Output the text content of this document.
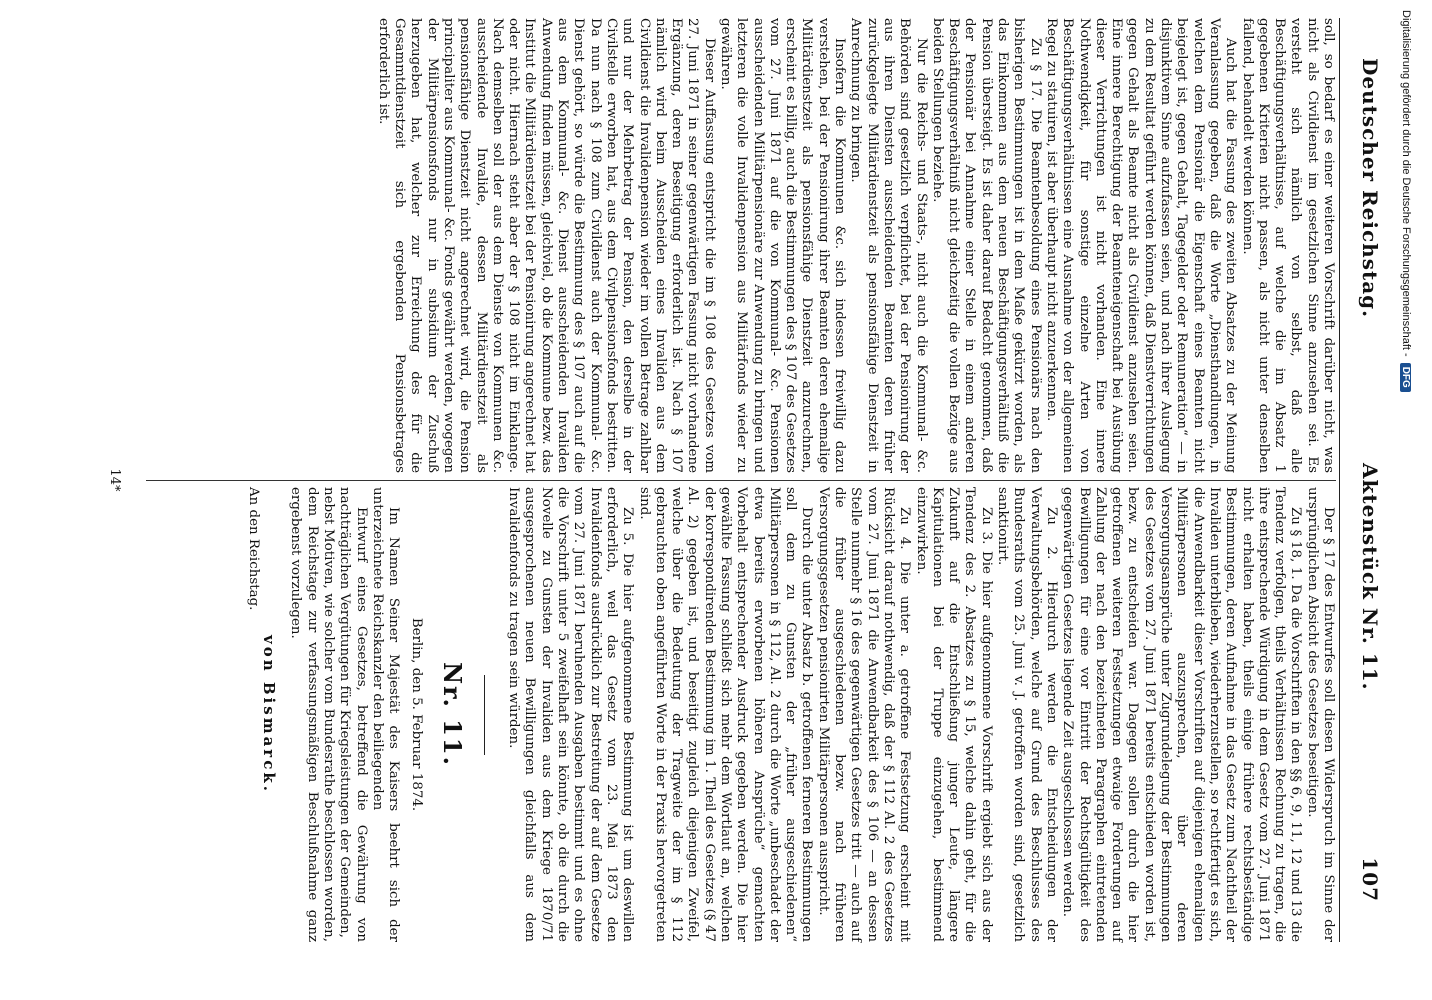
Deutscher Reichstag.
Aktenstück Nr. 11.
107

soll, so bedarf es einer weiteren Vorschrift darüber nicht, was nicht als Civildienst im gesetzlichen Sinne anzusehen sei. Es versteht sich nämlich von selbst, daß alle Beschäftigungsverhältnisse, auf welche die im Absatz 1 gegebenen Kriterien nicht passen, als nicht unter denselben fallend, behandelt werden können.

Auch hat die Fassung des zweiten Absatzes zu der Meinung Veranlassung gegeben, daß die Worte „Diensthandlungen, in welchen dem Pensionär die Eigenschaft eines Beamten nicht beigelegt ist, gegen Gehalt, Tagegelder oder Remuneration“ — in disjunktivem Sinne aufzufassen seien, und nach ihrer Auslegung zu dem Resultat geführt werden können, daß Dienstverrichtungen gegen Gehalt als Beamte nicht als Civildienst anzusehen seien. Eine innere Berechtigung der Beamteneigenschaft bei Ausübung dieser Verrichtungen ist nicht vorhanden. Eine innere Nothwendigkeit, für sonstige einzelne Arten von Beschäftigungsverhältnissen eine Ausnahme von der allgemeinen Regel zu statuiren, ist aber überhaupt nicht anzuerkennen.

Zu § 17. Die Beamtenbesoldung eines Pensionärs nach den bisherigen Bestimmungen ist in dem Maße gekürzt worden, als das Einkommen aus dem neuen Beschäftigungsverhältniß die Pension übersteigt. Es ist daher darauf Bedacht genommen, daß der Pensionär bei Annahme einer Stelle in einem anderen Beschäftigungsverhältniß nicht gleichzeitig die vollen Bezüge aus beiden Stellungen beziehe.

Nur die Reichs- und Staats-, nicht auch die Kommunal- &c. Behörden sind gesetzlich verpflichtet, bei der Pensionirung der aus ihren Diensten ausscheidenden Beamten deren früher zurückgelegte Militärdienstzeit als pensionsfähige Dienstzeit in Anrechnung zu bringen.

Insofern die Kommunen &c. sich indessen freiwillig dazu verstehen, bei der Pensionirung ihrer Beamten deren ehemalige Militärdienstzeit als pensionsfähige Dienstzeit anzurechnen, erscheint es billig, auch die Bestimmungen des § 107 des Gesetzes vom 27. Juni 1871 auf die von Kommunal- &c. Pensionen ausscheidenden Militärpensionäre zur Anwendung zu bringen und letzteren die volle Invalidenpension aus Militärfonds wieder zu gewähren.

Dieser Auffassung entspricht die im § 108 des Gesetzes vom 27. Juni 1871 in seiner gegenwärtigen Fassung nicht vorhandene Ergänzung, deren Beseitigung erforderlich ist. Nach § 107 nämlich wird beim Ausscheiden eines Invaliden aus dem Civildienst die Invalidenpension wieder im vollen Betrage zahlbar und nur der Mehrbetrag der Pension, den derselbe in der Civilstelle erworben hat, aus dem Civilpensionsfonds bestritten. Da nun nach § 108 zum Civildienst auch der Kommunal- &c. Dienst gehört, so würde die Bestimmung des § 107 auch auf die aus dem Kommunal- &c. Dienst ausscheidenden Invaliden Anwendung finden müssen, gleichviel, ob die Kommune bezw. das Institut die Militärdienstzeit bei der Pensionirung angerechnet hat oder nicht. Hiernach steht aber der § 108 nicht im Einklange. Nach demselben soll der aus dem Dienste von Kommunen &c. ausscheidende Invalide, dessen Militärdienstzeit als pensionsfähige Dienstzeit nicht angerechnet wird, die Pension principaliter aus Kommunal- &c. Fonds gewährt werden, wogegen der Militärpensionsfonds nur in subsidium der Zuschuß herzugeben hat, welcher zur Erreichung des für die Gesammtdienstzeit sich ergebenden Pensionsbetrages erforderlich ist.

Der § 17 des Entwurfes soll diesen Widerspruch im Sinne der ursprünglichen Absicht des Gesetzes beseitigen.

Zu § 18, 1. Da die Vorschriften in den §§ 6, 9, 11, 12 und 13 die Tendenz verfolgen, theils Verhältnissen Rechnung zu tragen, die ihre entsprechende Würdigung in dem Gesetz vom 27. Juni 1871 nicht erhalten haben, theils einige frühere rechtsbeständige Bestimmungen, deren Aufnahme in das Gesetz zum Nachtheil der Invaliden unterblieben, wiederherzustellen, so rechtfertigt es sich, die Anwendbarkeit dieser Vorschriften auf diejenigen ehemaligen Militärpersonen auszusprechen, über deren Versorgungsansprüche unter Zugrundelegung der Bestimmungen des Gesetzes vom 27. Juni 1871 bereits entschieden worden ist, bezw. zu entscheiden war. Dagegen sollen durch die hier getroffenen weiteren Festsetzungen etwaige Forderungen auf Zahlung der nach den bezeichneten Paragraphen eintretenden Bewilligungen für eine vor Eintritt der Rechtsgültigkeit des gegenwärtigen Gesetzes liegende Zeit ausgeschlossen werden.

Zu 2. Hierdurch werden die Entscheidungen der Verwaltungsbehörden, welche auf Grund des Beschlusses des Bundesraths vom 25. Juni v. J. getroffen worden sind, gesetzlich sanktionirt.

Zu 3. Die hier aufgenommene Vorschrift ergiebt sich aus der Tendenz des 2. Absatzes zu § 15, welche dahin geht, für die Zukunft auf die Entschließung junger Leute, längere Kapitulationen bei der Truppe einzugehen, bestimmend einzuwirken.

Zu 4. Die unter a. getroffene Festsetzung erscheint mit Rücksicht darauf nothwendig, daß der § 112 Al. 2 des Gesetzes vom 27. Juni 1871 die Anwendbarkeit des § 106 — an dessen Stelle nunmehr § 16 des gegenwärtigen Gesetzes tritt — auch auf die früher ausgeschiedenen bezw. nach früheren Versorgungsgesetzen pensionirten Militärpersonen ausspricht.

Durch die unter Absatz b. getroffenen ferneren Bestimmungen soll dem zu Gunsten der „früher ausgeschiedenen“ Militärpersonen in § 112, Al. 2 durch die Worte „unbeschadet der etwa bereits erworbenen höheren Ansprüche“ gemachten Vorbehalt entsprechender Ausdruck gegeben werden. Die hier gewählte Fassung schließt sich mehr dem Wortlaut an, welchen der korrespondirenden Bestimmung im 1. Theil des Gesetzes (§ 47 Al. 2) gegeben ist, und beseitigt zugleich diejenigen Zweifel, welche über die Bedeutung der Tragweite der im § 112 gebrauchten oben angeführten Worte in der Praxis hervorgetreten sind.

Zu 5. Die hier aufgenommene Bestimmung ist um deswillen erforderlich, weil das Gesetz vom 23. Mai 1873 den Invalidenfonds ausdrücklich zur Bestreitung der auf dem Gesetze vom 27. Juni 1871 beruhenden Ausgaben bestimmt und es ohne die Vorschrift unter 5 zweifelhaft sein könnte, ob die durch die Novelle zu Gunsten der Invaliden aus dem Kriege 1870/71 ausgesprochenen neuen Bewilligungen gleichfalls aus dem Invalidenfonds zu tragen sein würden.

Nr. 11.
Berlin, den 5. Februar 1874.

Im Namen Seiner Majestät des Kaisers beehrt sich der unterzeichnete Reichskanzler den beiliegenden

Entwurf eines Gesetzes, betreffend die Gewährung von nachträglichen Vergütungen für Kriegsleistungen der Gemeinden,

nebst Motiven, wie solcher vom Bundesrathe beschlossen worden, dem Reichstage zur verfassungsmäßigen Beschlußnahme ganz ergebenst vorzulegen.

von Bismarck.

An den Reichstag.

14*
Digitalisierung gefördert durch die Deutsche Forschungsgemeinschaft -DFG
